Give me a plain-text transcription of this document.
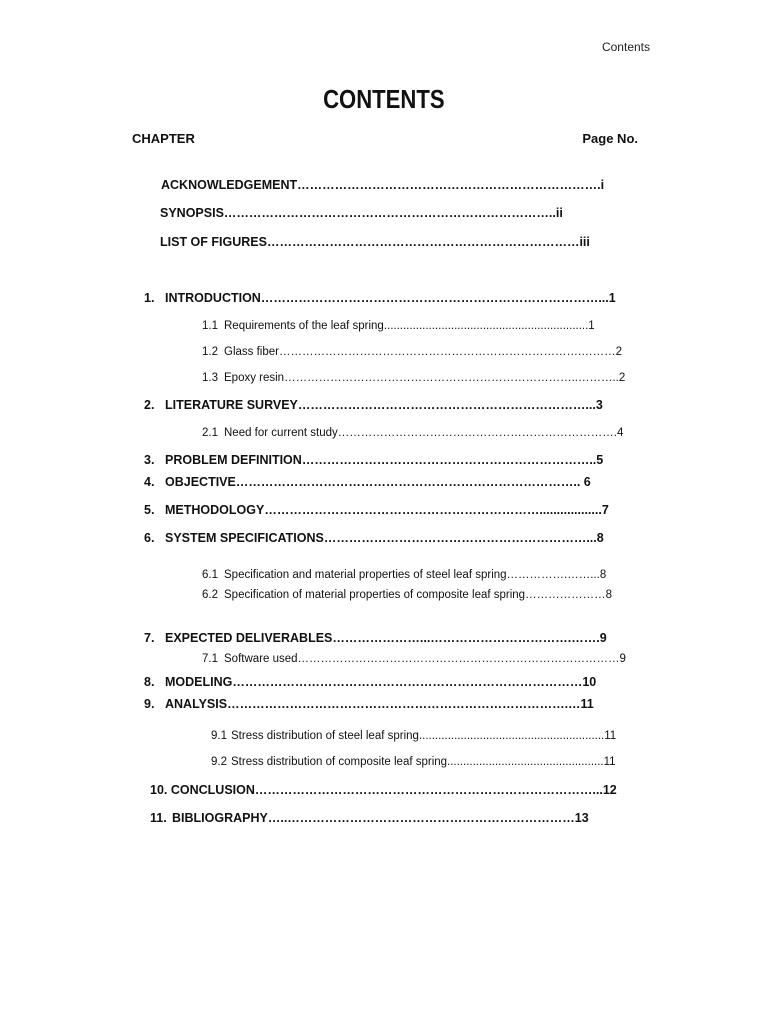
Contents
CONTENTS
CHAPTER	Page No.
ACKNOWLEDGEMENT……………………………………………………………….i
SYNOPSIS……………………………………………………………………..ii
LIST OF FIGURES…………………………………………………………………iii
1. INTRODUCTION………………………………………………………………………...1
1.1 Requirements of the leaf spring................................................................1
1.2 Glass fiber…………………………………………………………………….………2
1.3 Epoxy resin…………………………………………………………………..………..2
2. LITERATURE SURVEY……………………………………………………………...3
2.1 Need for current study……………………………………………………………….4
3. PROBLEM DEFINITION……………………………………………………………..5
4. OBJECTIVE……………………………………………………………………….. 6
5. METHODOLOGY…………………………………………………………..................7
6. SYSTEM SPECIFICATIONS………………………………………………………...8
6.1 Specification and material properties of steel leaf spring…………….……...8
6.2 Specification of material properties of composite leaf spring…………………8
7. EXPECTED DELIVERABLES…………………...…………………………….…….9
7.1 Software used…………………………………………………………………………9
8. MODELING…………………………………………………………………………10
9. ANALYSIS……………………………………………………………………….…11
9.1 Stress distribution of steel leaf spring..........................................................11
9.2 Stress distribution of composite leaf spring.................................................11
10. CONCLUSION………………………………………………………………………...12
11. BIBLIOGRAPHY…..……………………………………………………………13
